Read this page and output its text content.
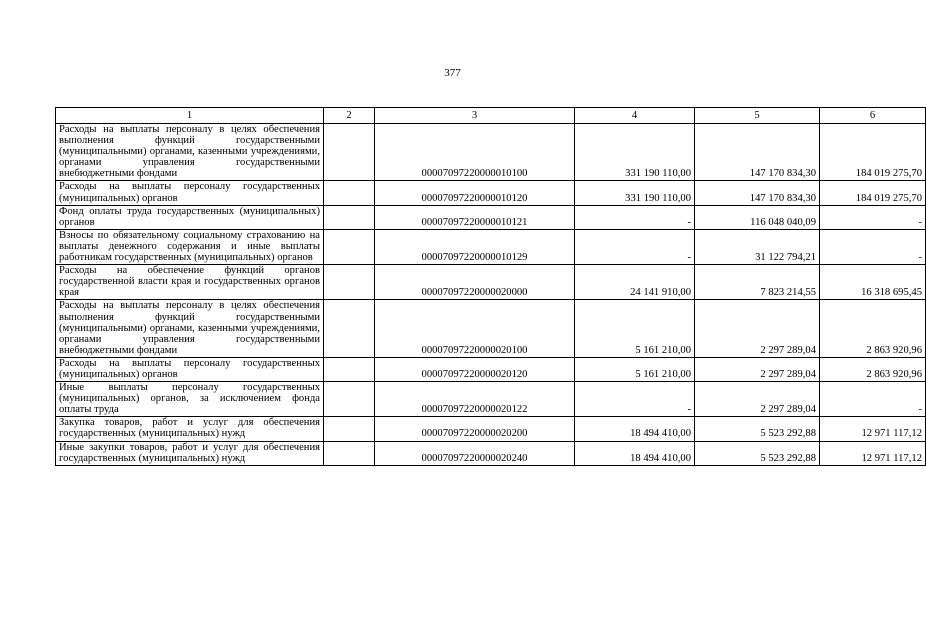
377
1	2	3	4	5	6
Расходы на выплаты персоналу в целях обеспечения выполнения функций государственными (муниципальными) органами, казенными учреждениями, органами управления государственными внебюджетными фондами		00007097220000010100	331 190 110,00	147 170 834,30	184 019 275,70
Расходы на выплаты персоналу государственных (муниципальных) органов		00007097220000010120	331 190 110,00	147 170 834,30	184 019 275,70
Фонд оплаты труда государственных (муниципальных) органов		00007097220000010121	-	116 048 040,09	-
Взносы по обязательному социальному страхованию на выплаты денежного содержания и иные выплаты работникам государственных (муниципальных) органов		00007097220000010129	-	31 122 794,21	-
Расходы на обеспечение функций органов государственной власти края и государственных органов края		00007097220000020000	24 141 910,00	7 823 214,55	16 318 695,45
Расходы на выплаты персоналу в целях обеспечения выполнения функций государственными (муниципальными) органами, казенными учреждениями, органами управления государственными внебюджетными фондами		00007097220000020100	5 161 210,00	2 297 289,04	2 863 920,96
Расходы на выплаты персоналу государственных (муниципальных) органов		00007097220000020120	5 161 210,00	2 297 289,04	2 863 920,96
Иные выплаты персоналу государственных (муниципальных) органов, за исключением фонда оплаты труда		00007097220000020122	-	2 297 289,04	-
Закупка товаров, работ и услуг для обеспечения государственных (муниципальных) нужд		00007097220000020200	18 494 410,00	5 523 292,88	12 971 117,12
Иные закупки товаров, работ и услуг для обеспечения государственных (муниципальных) нужд		00007097220000020240	18 494 410,00	5 523 292,88	12 971 117,12
